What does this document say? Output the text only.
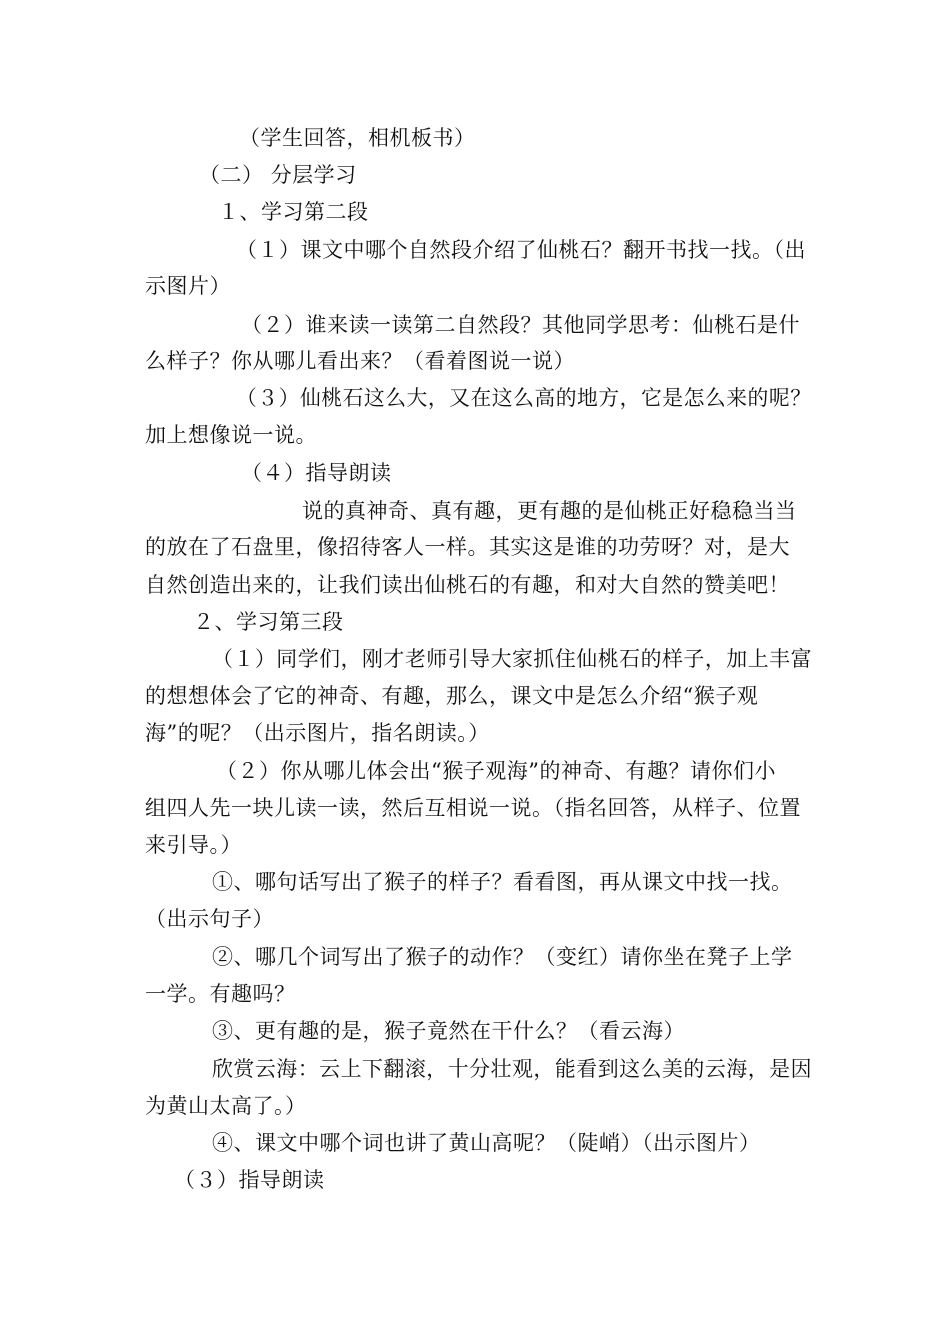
（学生回答，相机板书）
（二） 分层学习
１、学习第二段
（１）课文中哪个自然段介绍了仙桃石？翻开书找一找。（出
示图片）
（２）谁来读一读第二自然段？其他同学思考：仙桃石是什
么样子？你从哪儿看出来？（看着图说一说）
（３）仙桃石这么大，又在这么高的地方，它是怎么来的呢？
加上想像说一说。
（４）指导朗读
说的真神奇、真有趣，更有趣的是仙桃正好稳稳当当
的放在了石盘里，像招待客人一样。其实这是谁的功劳呀？对，是大
自然创造出来的，让我们读出仙桃石的有趣，和对大自然的赞美吧！
２、学习第三段
（１）同学们，刚才老师引导大家抓住仙桃石的样子，加上丰富
的想想体会了它的神奇、有趣，那么，课文中是怎么介绍“猴子观
海”的呢？（出示图片，指名朗读。）
（２）你从哪儿体会出“猴子观海”的神奇、有趣？请你们小
组四人先一块儿读一读，然后互相说一说。（指名回答，从样子、位置
来引导。）
①、哪句话写出了猴子的样子？看看图，再从课文中找一找。
（出示句子）
②、哪几个词写出了猴子的动作？（变红）请你坐在凳子上学
一学。有趣吗？
③、更有趣的是，猴子竟然在干什么？（看云海）
欣赏云海：云上下翻滚，十分壮观，能看到这么美的云海，是因
为黄山太高了。）
④、课文中哪个词也讲了黄山高呢？（陡峭）（出示图片）
（３）指导朗读
